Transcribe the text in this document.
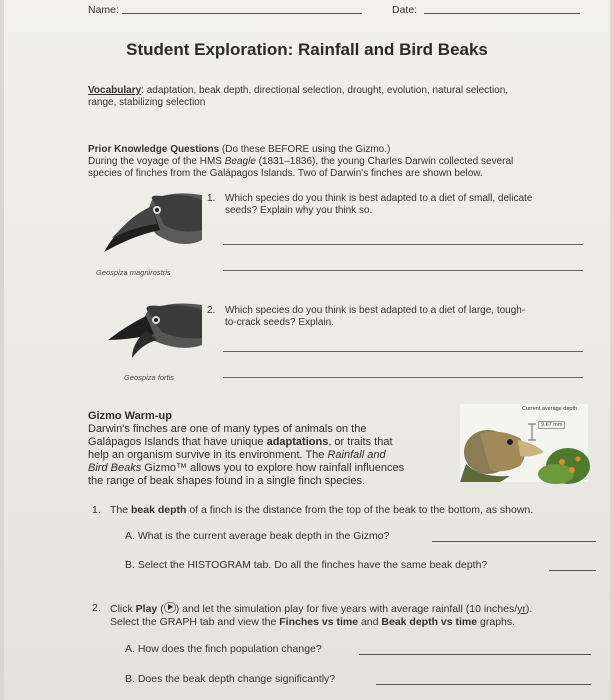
Name:	Date:
Student Exploration: Rainfall and Bird Beaks
Vocabulary: adaptation, beak depth, directional selection, drought, evolution, natural selection,
range, stabilizing selection
Prior Knowledge Questions (Do these BEFORE using the Gizmo.)
During the voyage of the HMS Beagle (1831–1836), the young Charles Darwin collected several
species of finches from the Galápagos Islands. Two of Darwin's finches are shown below.
Geospiza magnirostris
Geospiza fortis
1. Which species do you think is best adapted to a diet of small, delicate
seeds? Explain why you think so.
2. Which species do you think is best adapted to a diet of large, tough-
to-crack seeds? Explain.
Gizmo Warm-up
Darwin's finches are one of many types of animals on the
Galápagos Islands that have unique adaptations, or traits that
help an organism survive in its environment. The Rainfall and
Bird Beaks Gizmo™ allows you to explore how rainfall influences
the range of beak shapes found in a single finch species.
Current average depth
9.67 mm
1. The beak depth of a finch is the distance from the top of the beak to the bottom, as shown.
A. What is the current average beak depth in the Gizmo?
B. Select the HISTOGRAM tab. Do all the finches have the same beak depth?
2. Click Play ( ) and let the simulation play for five years with average rainfall (10 inches/yr).
Select the GRAPH tab and view the Finches vs time and Beak depth vs time graphs.
A. How does the finch population change?
B. Does the beak depth change significantly?
